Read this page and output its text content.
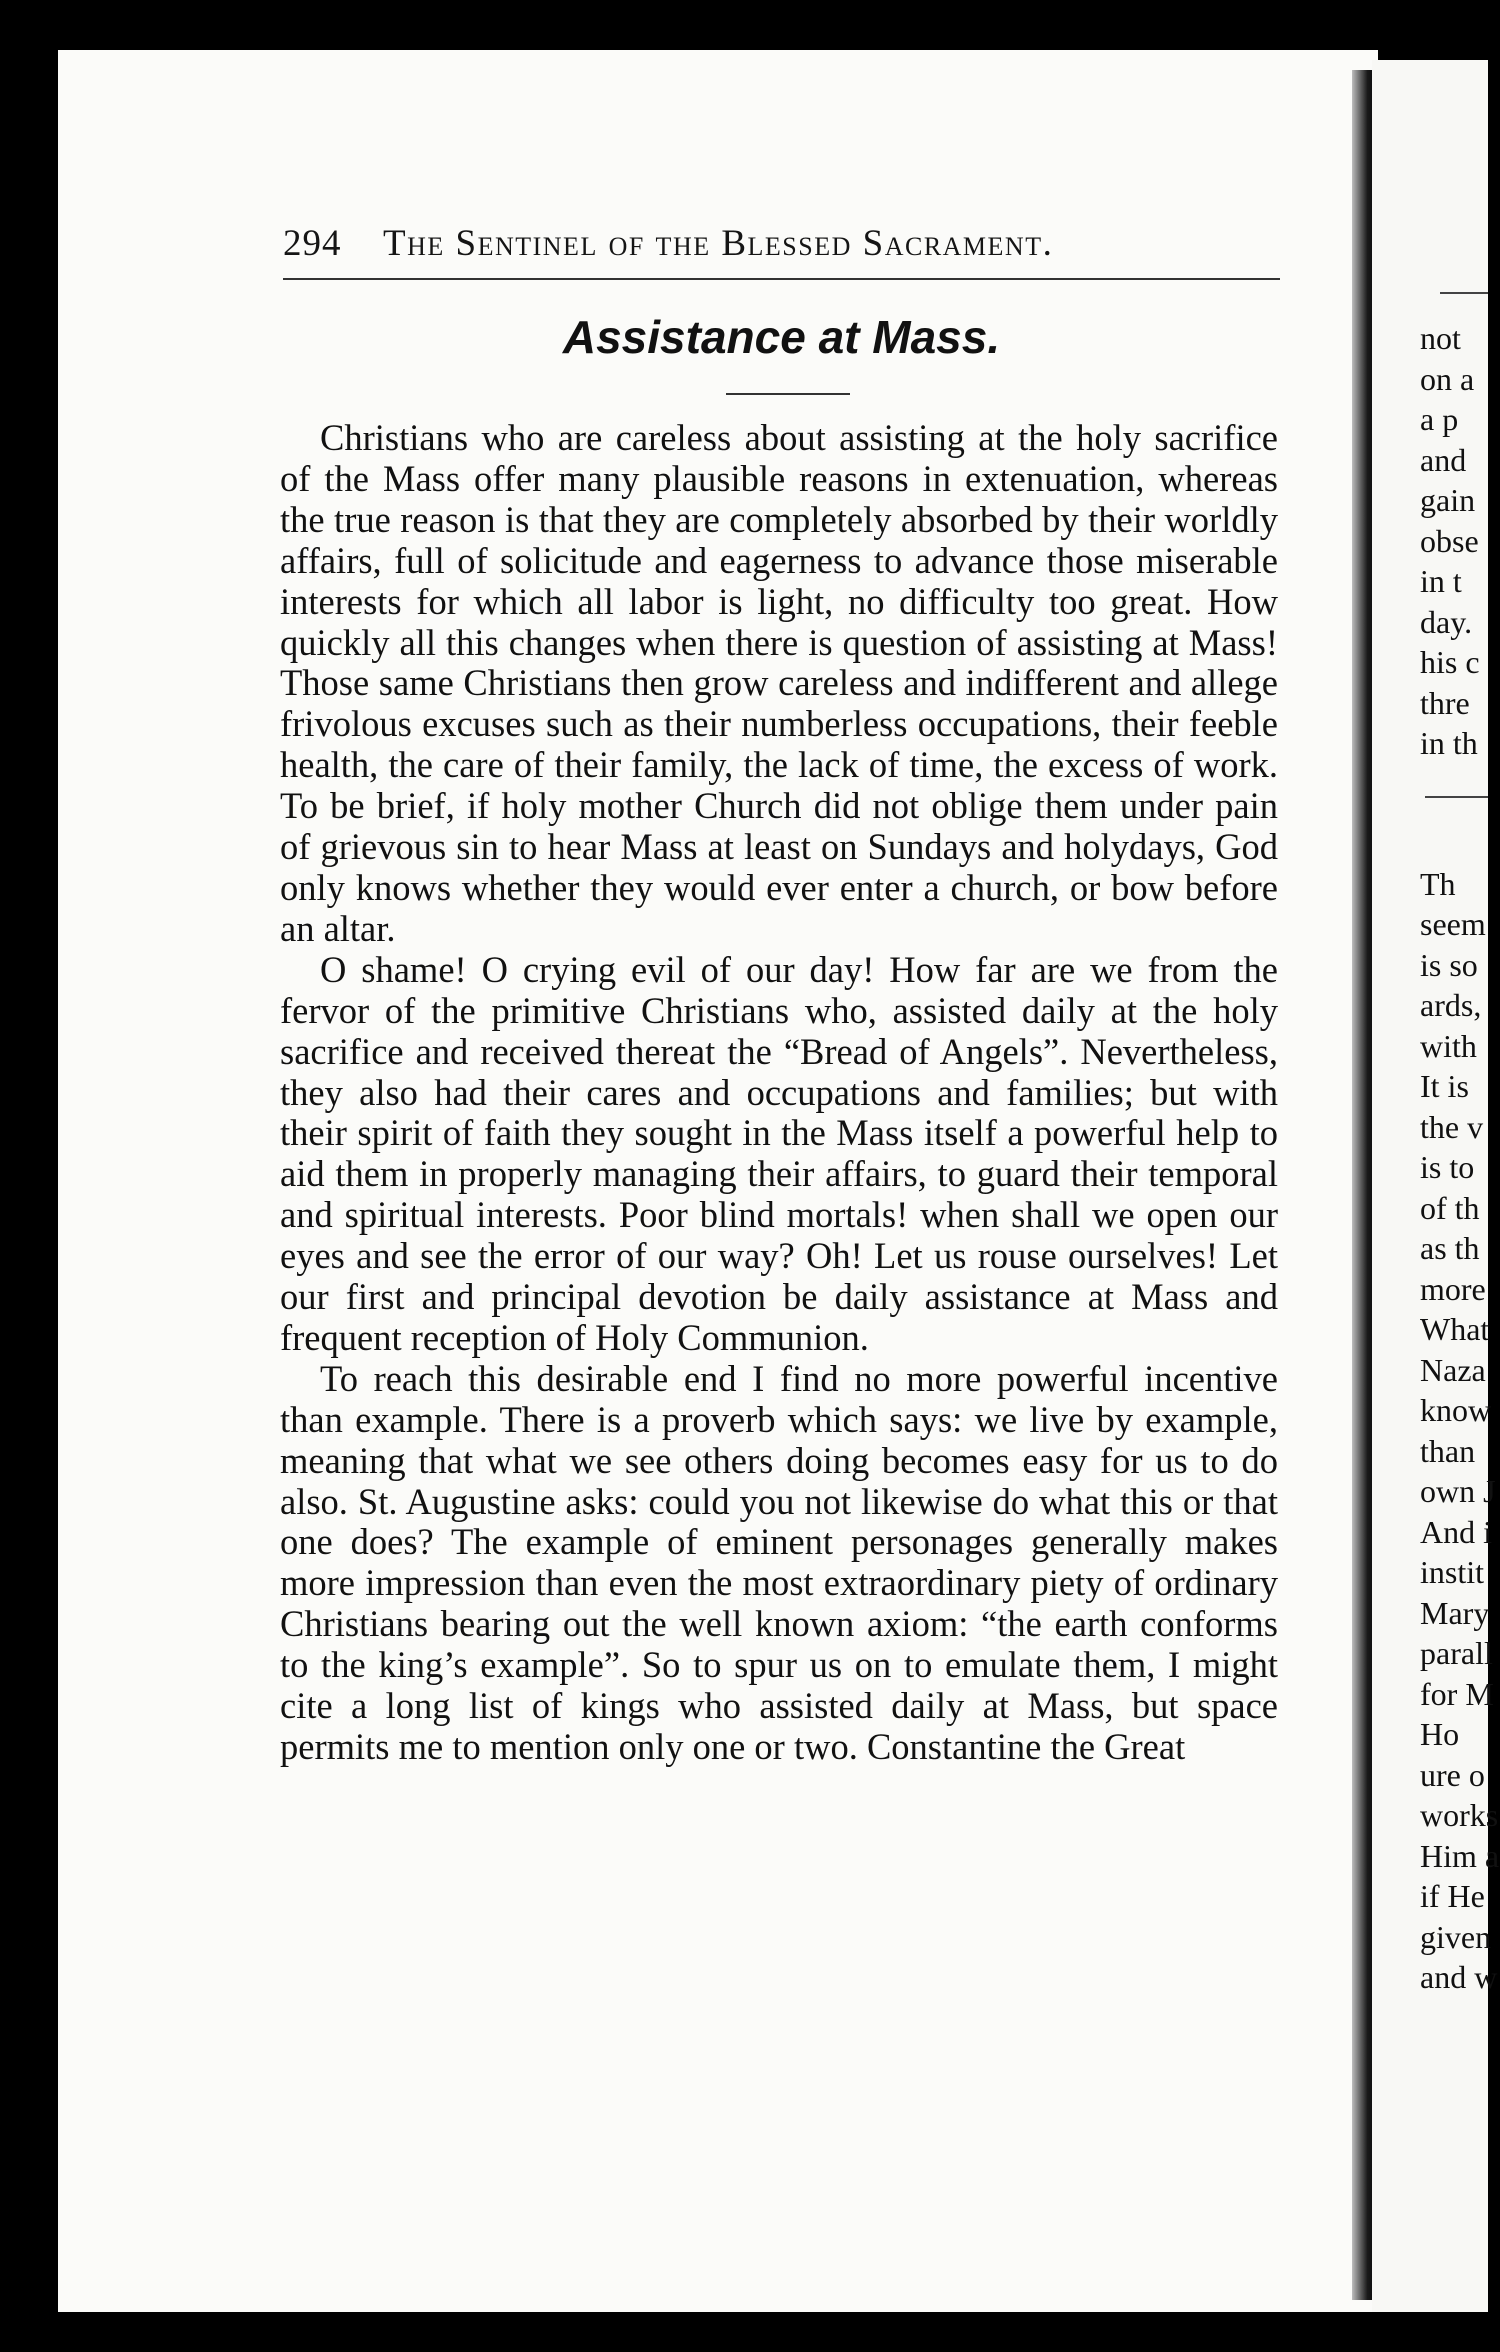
294 The Sentinel of the Blessed Sacrament.
Assistance at Mass.

Christians who are careless about assisting at the holy sacrifice of the Mass offer many plausible reasons in extenuation, whereas the true reason is that they are completely absorbed by their worldly affairs, full of solicitude and eagerness to advance those miserable interests for which all labor is light, no difficulty too great. How quickly all this changes when there is question of assisting at Mass! Those same Christians then grow careless and indifferent and allege frivolous excuses such as their numberless occupations, their feeble health, the care of their family, the lack of time, the excess of work. To be brief, if holy mother Church did not oblige them under pain of grievous sin to hear Mass at least on Sundays and holydays, God only knows whether they would ever enter a church, or bow before an altar.

O shame! O crying evil of our day! How far are we from the fervor of the primitive Christians who, assisted daily at the holy sacrifice and received thereat the “Bread of Angels”. Nevertheless, they also had their cares and occupations and families; but with their spirit of faith they sought in the Mass itself a powerful help to aid them in properly managing their affairs, to guard their temporal and spiritual interests. Poor blind mortals! when shall we open our eyes and see the error of our way? Oh! Let us rouse ourselves! Let our first and principal devotion be daily assistance at Mass and frequent reception of Holy Communion.

To reach this desirable end I find no more powerful incentive than example. There is a proverb which says: we live by example, meaning that what we see others doing becomes easy for us to do also. St. Augustine asks: could you not likewise do what this or that one does? The example of eminent personages generally makes more impression than even the most extraordinary piety of ordinary Christians bearing out the well known axiom: “the earth conforms to the king’s example”. So to spur us on to emulate them, I might cite a long list of kings who assisted daily at Mass, but space permits me to mention only one or two. Constantine the Great

not
on a
a p
and
gain
obse
in t
day.
his c
thre
in th
Th
seem
is so
ards,
with
It is
the v
is to
of th
as th
more
What
Naza
know
than
own J
And i
instit
Mary
parall
for M
Ho
ure o
works
Him a
if He
given
and w
